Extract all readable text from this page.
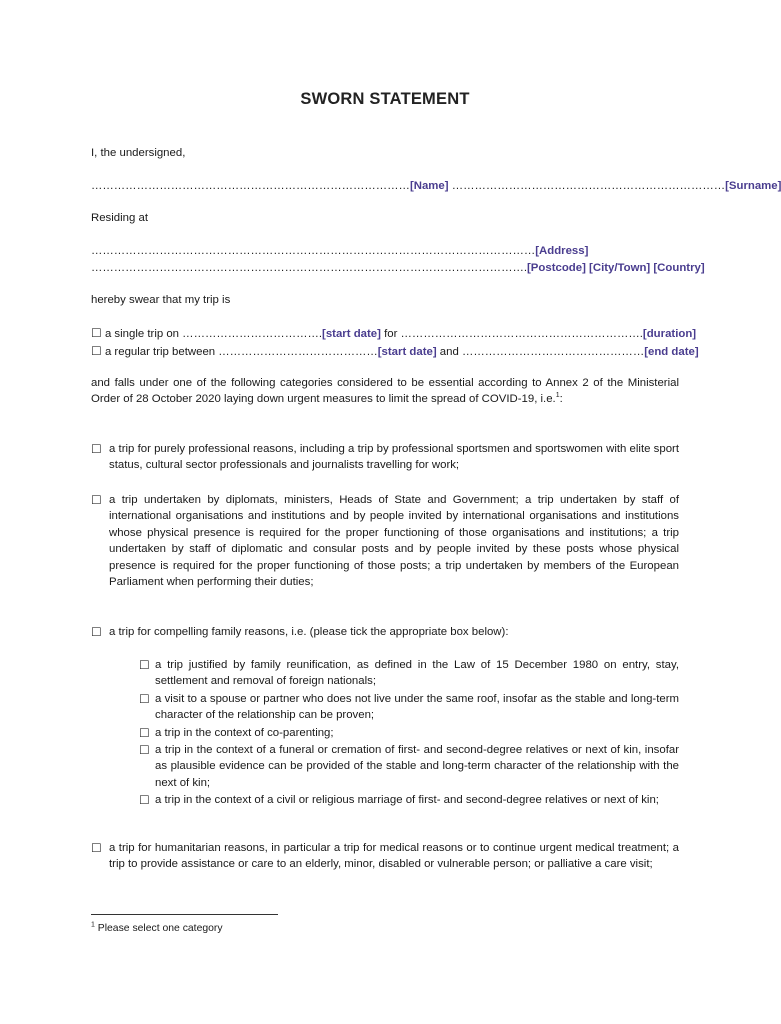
SWORN STATEMENT
I, the undersigned,
…………………………………………………………………………[Name] ………………………………………………………………[Surname]
Residing at
………………………………………………………………………………………………………[Address]
…………………………………………………………………………………………………….[Postcode] [City/Town] [Country]
hereby swear that my trip is
☐ a single trip on ……………………………….[start date] for ……………………………………………………….[duration]
☐ a regular trip between ……………………………………[start date] and …………………………………………[end date]
and falls under one of the following categories considered to be essential according to Annex 2 of the Ministerial Order of 28 October 2020 laying down urgent measures to limit the spread of COVID-19, i.e.$^1$:
☐ a trip for purely professional reasons, including a trip by professional sportsmen and sportswomen with elite sport status, cultural sector professionals and journalists travelling for work;
☐ a trip undertaken by diplomats, ministers, Heads of State and Government; a trip undertaken by staff of international organisations and institutions and by people invited by international organisations and institutions whose physical presence is required for the proper functioning of those organisations and institutions; a trip undertaken by staff of diplomatic and consular posts and by people invited by these posts whose physical presence is required for the proper functioning of those posts; a trip undertaken by members of the European Parliament when performing their duties;
☐ a trip for compelling family reasons, i.e. (please tick the appropriate box below):
☐ a trip justified by family reunification, as defined in the Law of 15 December 1980 on entry, stay, settlement and removal of foreign nationals;
☐ a visit to a spouse or partner who does not live under the same roof, insofar as the stable and long-term character of the relationship can be proven;
☐ a trip in the context of co-parenting;
☐ a trip in the context of a funeral or cremation of first- and second-degree relatives or next of kin, insofar as plausible evidence can be provided of the stable and long-term character of the relationship with the next of kin;
☐ a trip in the context of a civil or religious marriage of first- and second-degree relatives or next of kin;
☐ a trip for humanitarian reasons, in particular a trip for medical reasons or to continue urgent medical treatment; a trip to provide assistance or care to an elderly, minor, disabled or vulnerable person; or palliative a care visit;
$^1$ Please select one category
